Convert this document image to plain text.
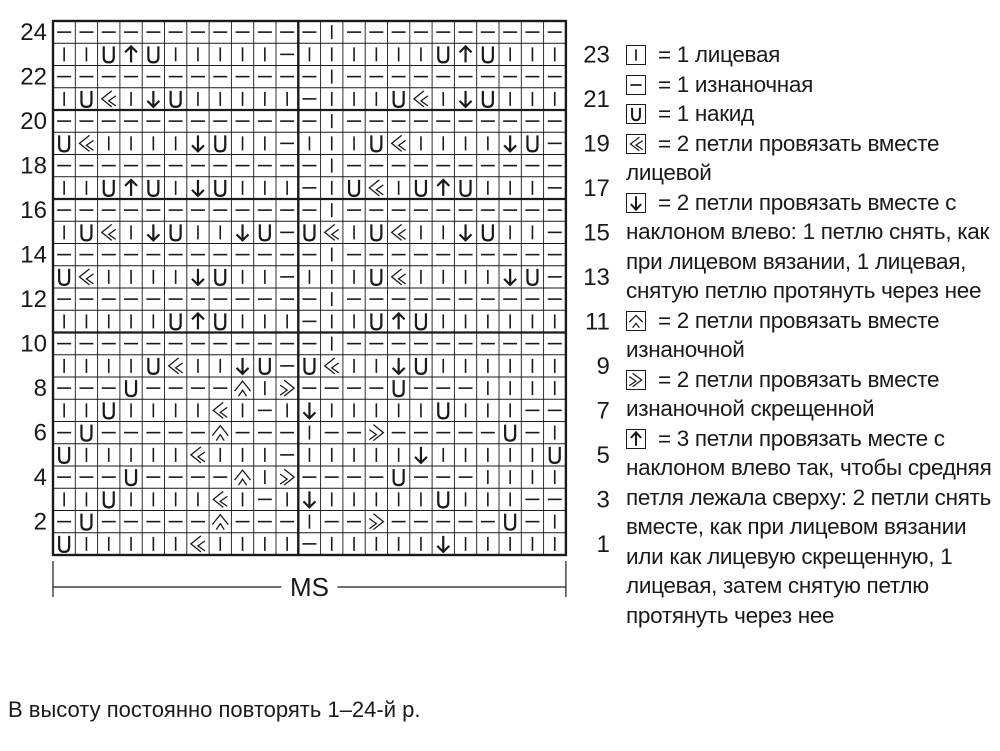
24
22
20
18
16
14
12
10
8
6
4
2
23
21
19
17
15
13
11
9
7
5
3
1
MS
= 1 лицевая
= 1 изнаночная
= 1 накид
= 2 петли провязать вместе лицевой
= 2 петли провязать вместе с наклоном влево: 1 петлю снять, как при лицевом вязании, 1 лицевая, снятую петлю протянуть через нее
= 2 петли провязать вместе изнаночной
= 2 петли провязать вместе изнаночной скрещенной
= 3 петли провязать месте с наклоном влево так, чтобы средняя петля лежала сверху: 2 петли снять вместе, как при лицевом вязании или как лицевую скрещенную, 1 лицевая, затем снятую петлю протянуть через нее
В высоту постоянно повторять 1–24-й р.
